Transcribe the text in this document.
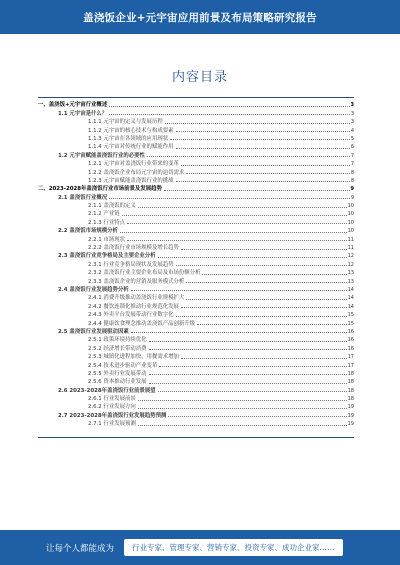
盖浇饭企业+元宇宙应用前景及布局策略研究报告
内容目录
一、盖浇饭+元宇宙行业概述	3
1.1 元宇宙是什么？	3
1.1.1 元宇宙的定义与发展历程	3
1.1.2 元宇宙的核心技术与构成要素	4
1.1.3 元宇宙在各领域的应用现状	5
1.1.4 元宇宙对传统行业的赋能作用	6
1.2 元宇宙赋能盖浇饭行业的必要性	7
1.2.1 元宇宙对盖浇饭行业带来的变革	7
1.2.2 盖浇饭企业布局元宇宙的迫切需求	8
1.2.3 元宇宙赋能盖浇饭行业的挑战	8
二、2023-2028年盖浇饭行业市场前景及发展趋势	9
2.1 盖浇饭行业概况	9
2.1.1 盖浇饭的定义	10
2.1.2 产业链	10
2.1.3 行业特点	10
2.2 盖浇饭市场规模分析	10
2.2.1 市场现状	11
2.2.2 盖浇饭行业市场规模及增长趋势	11
2.3 盖浇饭行业竞争格局及主要企业分析	12
2.3.1 行业竞争格局现状及发展趋势	12
2.3.2 盖浇饭行业主要企业布局及市场份额分析	13
2.3.3 盖浇饭企业的营销及服务模式分析	13
2.4 盖浇饭行业发展趋势分析	14
2.4.1 消费升级推动盖浇饭行业规模扩大	14
2.4.2 餐饮连锁化推动行业规范化发展	14
2.4.3 外卖平台发展带动行业数字化	15
2.4.4 健康饮食理念推动盖浇饭产品创新升级	15
2.5 盖浇饭行业发展驱动因素	16
2.5.1 政策环境持续优化	16
2.5.2 经济增长带动消费	16
2.5.3 城镇化进程加快，用餐需求增加	17
2.5.4 技术进步驱动产业变革	17
2.5.5 外卖行业发展带动	18
2.5.6 资本推动行业发展	18
2.6 2023-2028年盖浇饭行业前景展望	18
2.6.1 行业发展前景	18
2.6.2 行业发展方向	19
2.7 2023-2028年盖浇饭行业发展趋势预测	19
2.7.1 行业发展预测	19
让每个人都能成为	行业专家、管理专家、营销专家、投资专家、成功企业家……
